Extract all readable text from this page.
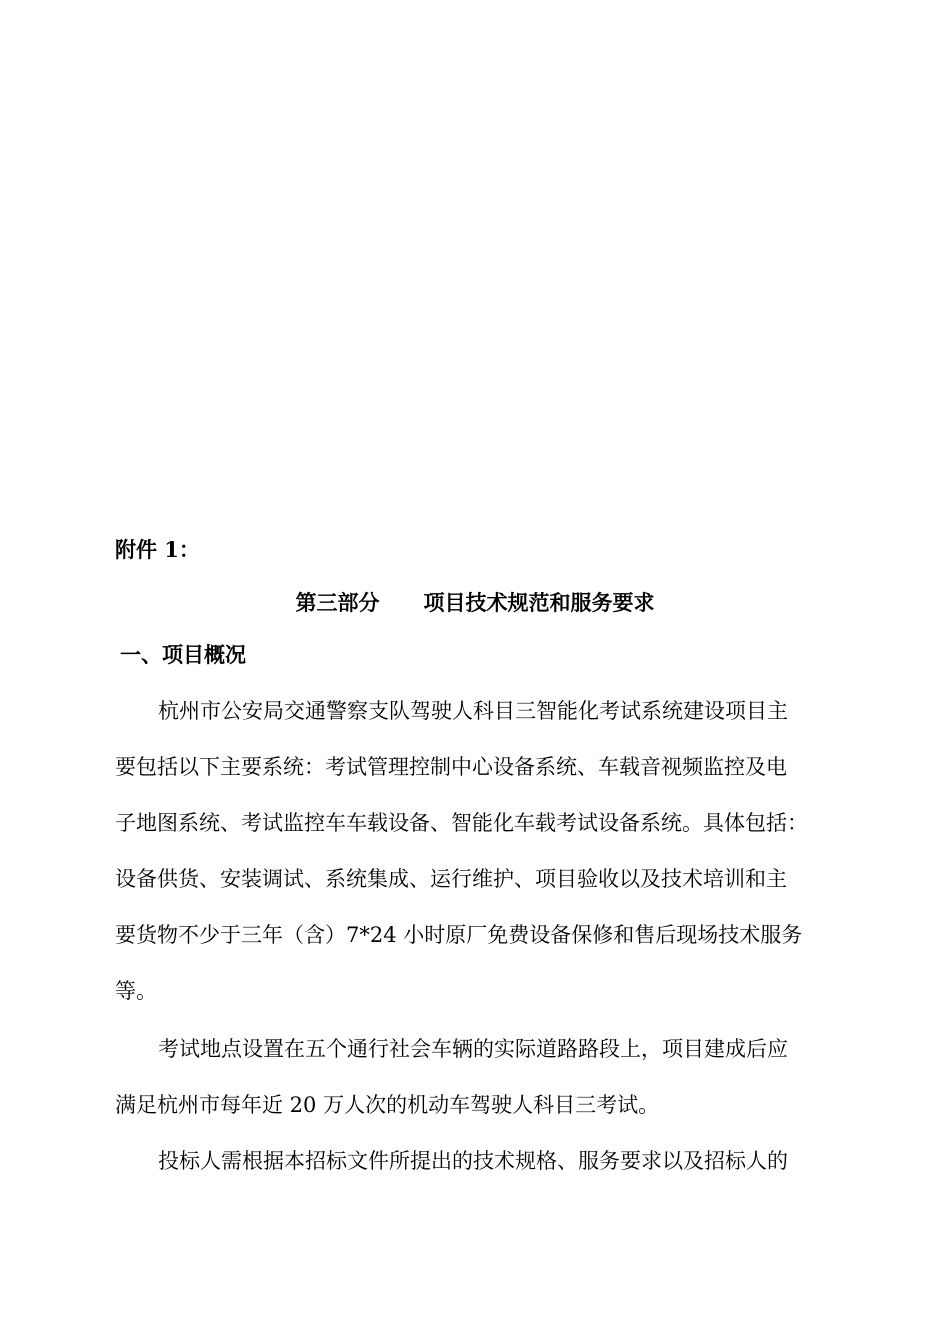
附件 1：
第三部分 项目技术规范和服务要求
一、项目概况
杭州市公安局交通警察支队驾驶人科目三智能化考试系统建设项目主
要包括以下主要系统：考试管理控制中心设备系统、车载音视频监控及电
子地图系统、考试监控车车载设备、智能化车载考试设备系统。具体包括：
设备供货、安装调试、系统集成、运行维护、项目验收以及技术培训和主
要货物不少于三年（含）7*24 小时原厂免费设备保修和售后现场技术服务
等。
考试地点设置在五个通行社会车辆的实际道路路段上，项目建成后应
满足杭州市每年近 20 万人次的机动车驾驶人科目三考试。
投标人需根据本招标文件所提出的技术规格、服务要求以及招标人的
